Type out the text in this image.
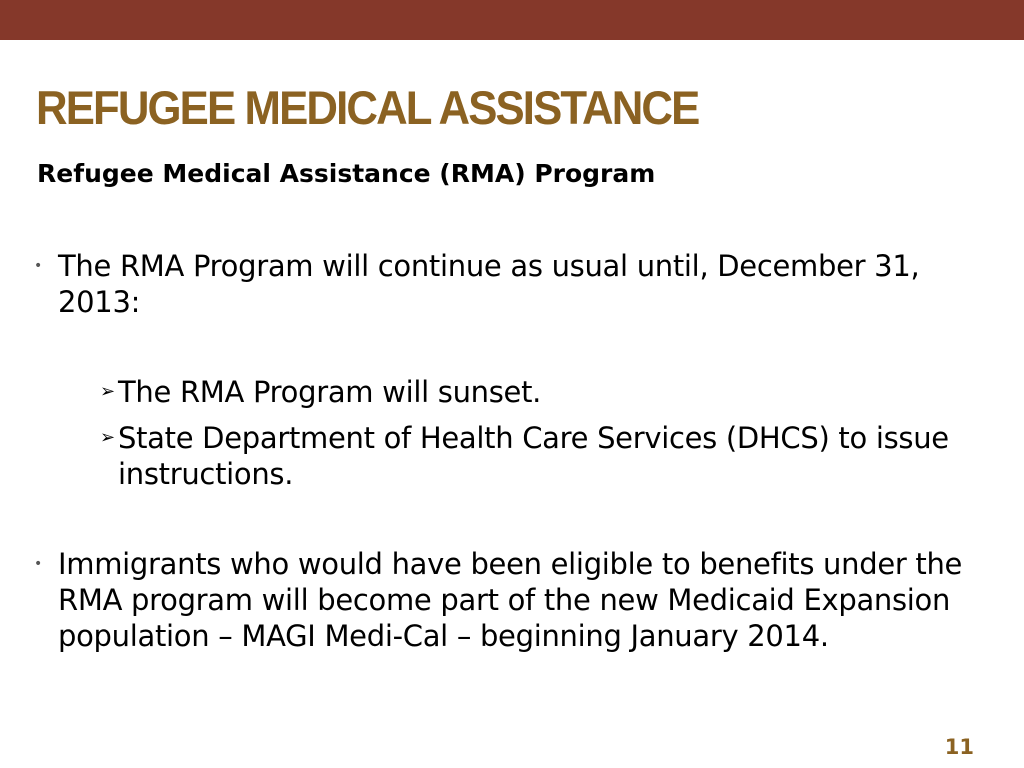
REFUGEE MEDICAL ASSISTANCE
Refugee Medical Assistance (RMA) Program
• The RMA Program will continue as usual until, December 31, 2013:
➢ The RMA Program will sunset.
➢ State Department of Health Care Services (DHCS) to issue instructions.
• Immigrants who would have been eligible to benefits under the RMA program will become part of the new Medicaid Expansion population – MAGI Medi-Cal – beginning January 2014.
11
